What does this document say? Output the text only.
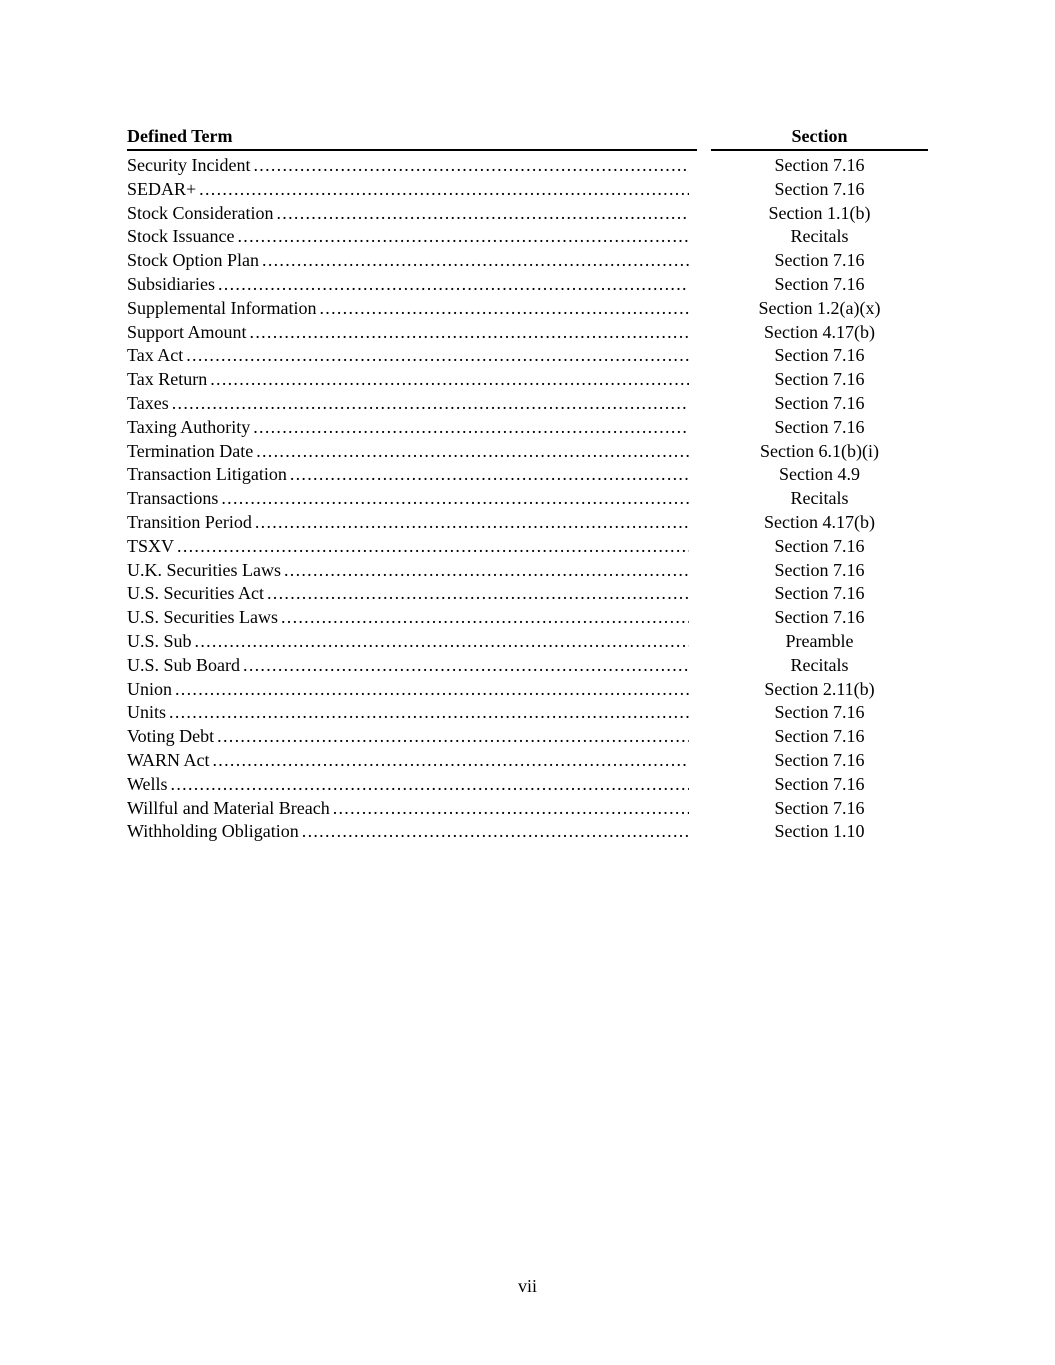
Defined Term	Section
Security Incident .....	Section 7.16
SEDAR+ .....	Section 7.16
Stock Consideration .....	Section 1.1(b)
Stock Issuance .....	Recitals
Stock Option Plan .....	Section 7.16
Subsidiaries .....	Section 7.16
Supplemental Information .....	Section 1.2(a)(x)
Support Amount .....	Section 4.17(b)
Tax Act .....	Section 7.16
Tax Return .....	Section 7.16
Taxes .....	Section 7.16
Taxing Authority .....	Section 7.16
Termination Date .....	Section 6.1(b)(i)
Transaction Litigation .....	Section 4.9
Transactions .....	Recitals
Transition Period .....	Section 4.17(b)
TSXV .....	Section 7.16
U.K. Securities Laws .....	Section 7.16
U.S. Securities Act .....	Section 7.16
U.S. Securities Laws .....	Section 7.16
U.S. Sub .....	Preamble
U.S. Sub Board .....	Recitals
Union .....	Section 2.11(b)
Units .....	Section 7.16
Voting Debt .....	Section 7.16
WARN Act .....	Section 7.16
Wells .....	Section 7.16
Willful and Material Breach .....	Section 7.16
Withholding Obligation .....	Section 1.10
vii
